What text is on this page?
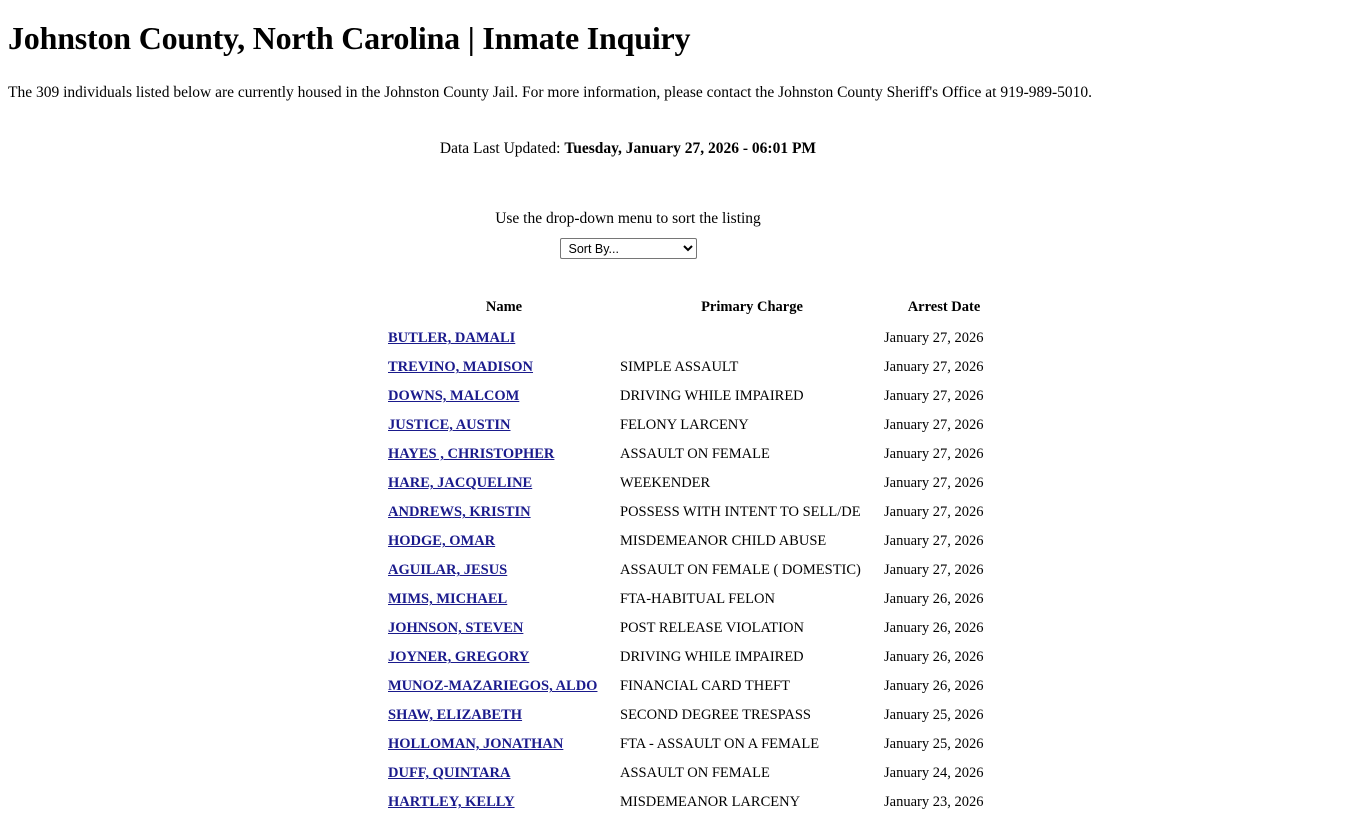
Johnston County, North Carolina | Inmate Inquiry

The 309 individuals listed below are currently housed in the Johnston County Jail. For more information, please contact the Johnston County Sheriff's Office at 919-989-5010.

Data Last Updated: Tuesday, January 27, 2026 - 06:01 PM

Use the drop-down menu to sort the listing

Sort By...
	Name	Primary Charge	Arrest Date	
	BUTLER, DAMALI		January 27, 2026	
	TREVINO, MADISON	SIMPLE ASSAULT	January 27, 2026	
	DOWNS, MALCOM	DRIVING WHILE IMPAIRED	January 27, 2026	
	JUSTICE, AUSTIN	FELONY LARCENY	January 27, 2026	
	HAYES , CHRISTOPHER	ASSAULT ON FEMALE	January 27, 2026	
	HARE, JACQUELINE	WEEKENDER	January 27, 2026	
	ANDREWS, KRISTIN	POSSESS WITH INTENT TO SELL/DE	January 27, 2026	
	HODGE, OMAR	MISDEMEANOR CHILD ABUSE	January 27, 2026	
	AGUILAR, JESUS	ASSAULT ON FEMALE ( DOMESTIC)	January 27, 2026	
	MIMS, MICHAEL	FTA-HABITUAL FELON	January 26, 2026	
	JOHNSON, STEVEN	POST RELEASE VIOLATION	January 26, 2026	
	JOYNER, GREGORY	DRIVING WHILE IMPAIRED	January 26, 2026	
	MUNOZ-MAZARIEGOS, ALDO	FINANCIAL CARD THEFT	January 26, 2026	
	SHAW, ELIZABETH	SECOND DEGREE TRESPASS	January 25, 2026	
	HOLLOMAN, JONATHAN	FTA - ASSAULT ON A FEMALE	January 25, 2026	
	DUFF, QUINTARA	ASSAULT ON FEMALE	January 24, 2026	
	HARTLEY, KELLY	MISDEMEANOR LARCENY	January 23, 2026	
